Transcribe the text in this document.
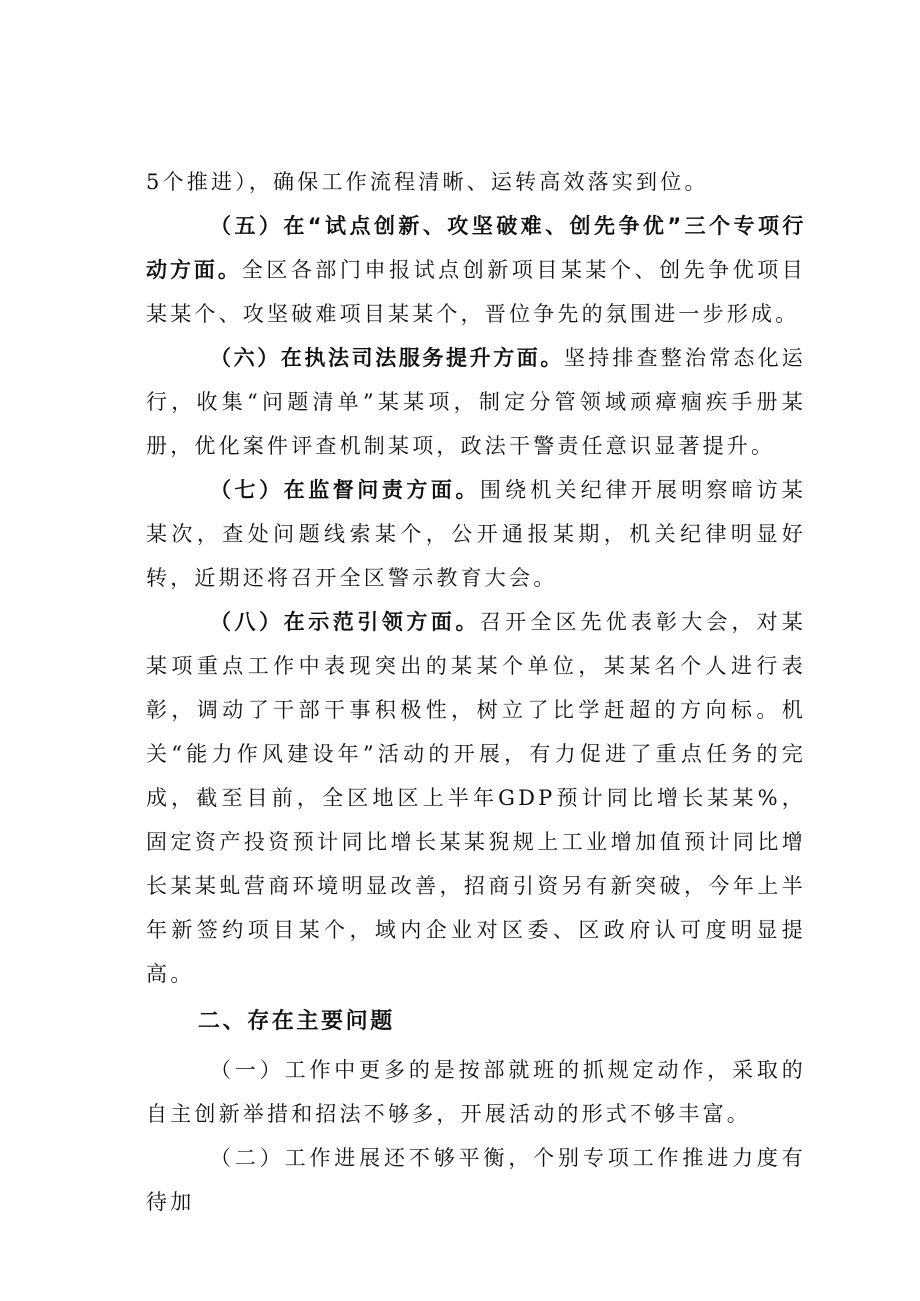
5个推进），确保工作流程清晰、运转高效落实到位。

（五）在“试点创新、攻坚破难、创先争优”三个专项行动方面。全区各部门申报试点创新项目某某个、创先争优项目某某个、攻坚破难项目某某个，晋位争先的氛围进一步形成。

（六）在执法司法服务提升方面。坚持排查整治常态化运行，收集“问题清单”某某项，制定分管领域顽瘴痼疾手册某册，优化案件评查机制某项，政法干警责任意识显著提升。

（七）在监督问责方面。围绕机关纪律开展明察暗访某某次，查处问题线索某个，公开通报某期，机关纪律明显好转，近期还将召开全区警示教育大会。

（八）在示范引领方面。召开全区先优表彰大会，对某某项重点工作中表现突出的某某个单位，某某名个人进行表彰，调动了干部干事积极性，树立了比学赶超的方向标。机关“能力作风建设年”活动的开展，有力促进了重点任务的完成，截至目前，全区地区上半年GDP预计同比增长某某%，固定资产投资预计同比增长某某猊规上工业增加值预计同比增长某某虬营商环境明显改善，招商引资另有新突破，今年上半年新签约项目某个，域内企业对区委、区政府认可度明显提高。

二、存在主要问题

（一）工作中更多的是按部就班的抓规定动作，采取的自主创新举措和招法不够多，开展活动的形式不够丰富。

（二）工作进展还不够平衡，个别专项工作推进力度有待加
